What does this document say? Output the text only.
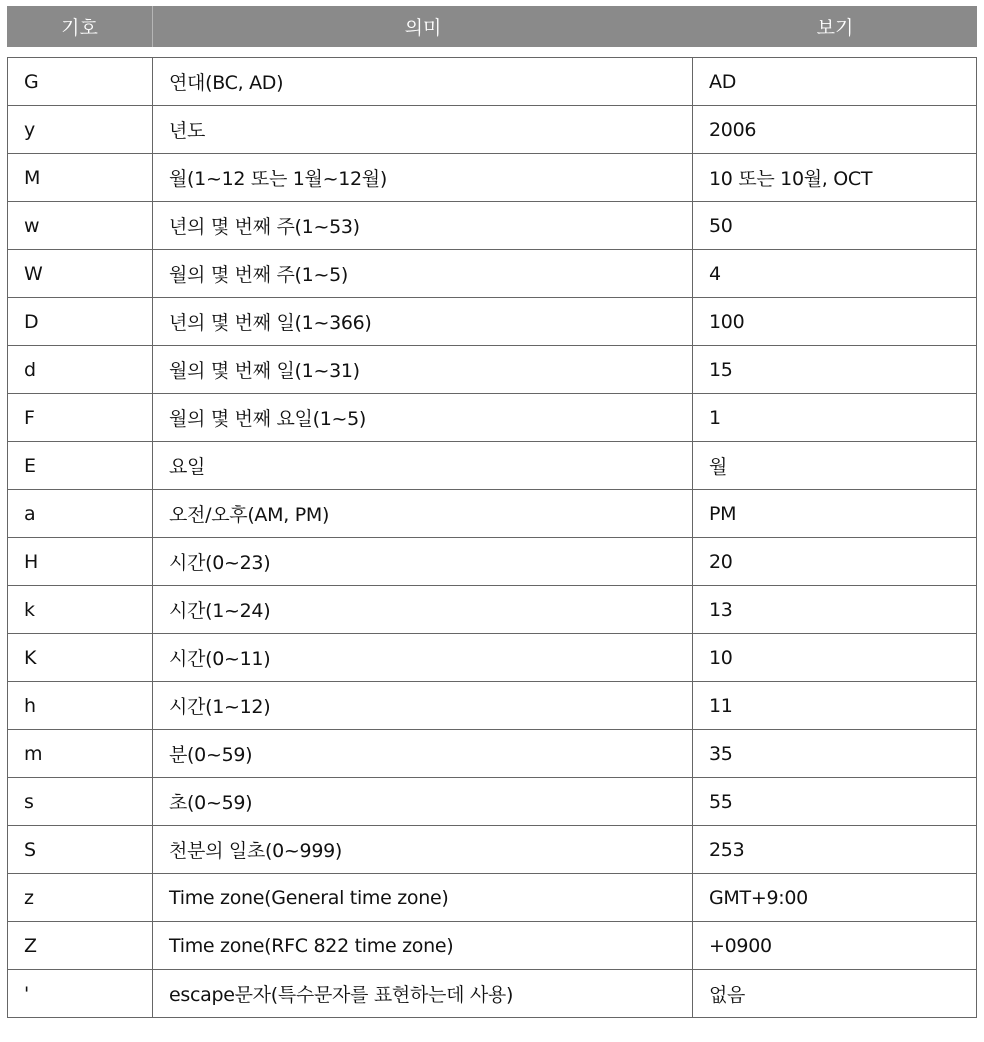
기호	의미	보기
G	연대(BC, AD)	AD
y	년도	2006
M	월(1~12 또는 1월~12월)	10 또는 10월, OCT
w	년의 몇 번째 주(1~53)	50
W	월의 몇 번째 주(1~5)	4
D	년의 몇 번째 일(1~366)	100
d	월의 몇 번째 일(1~31)	15
F	월의 몇 번째 요일(1~5)	1
E	요일	월
a	오전/오후(AM, PM)	PM
H	시간(0~23)	20
k	시간(1~24)	13
K	시간(0~11)	10
h	시간(1~12)	11
m	분(0~59)	35
s	초(0~59)	55
S	천분의 일초(0~999)	253
z	Time zone(General time zone)	GMT+9:00
Z	Time zone(RFC 822 time zone)	+0900
'	escape문자(특수문자를 표현하는데 사용)	없음
